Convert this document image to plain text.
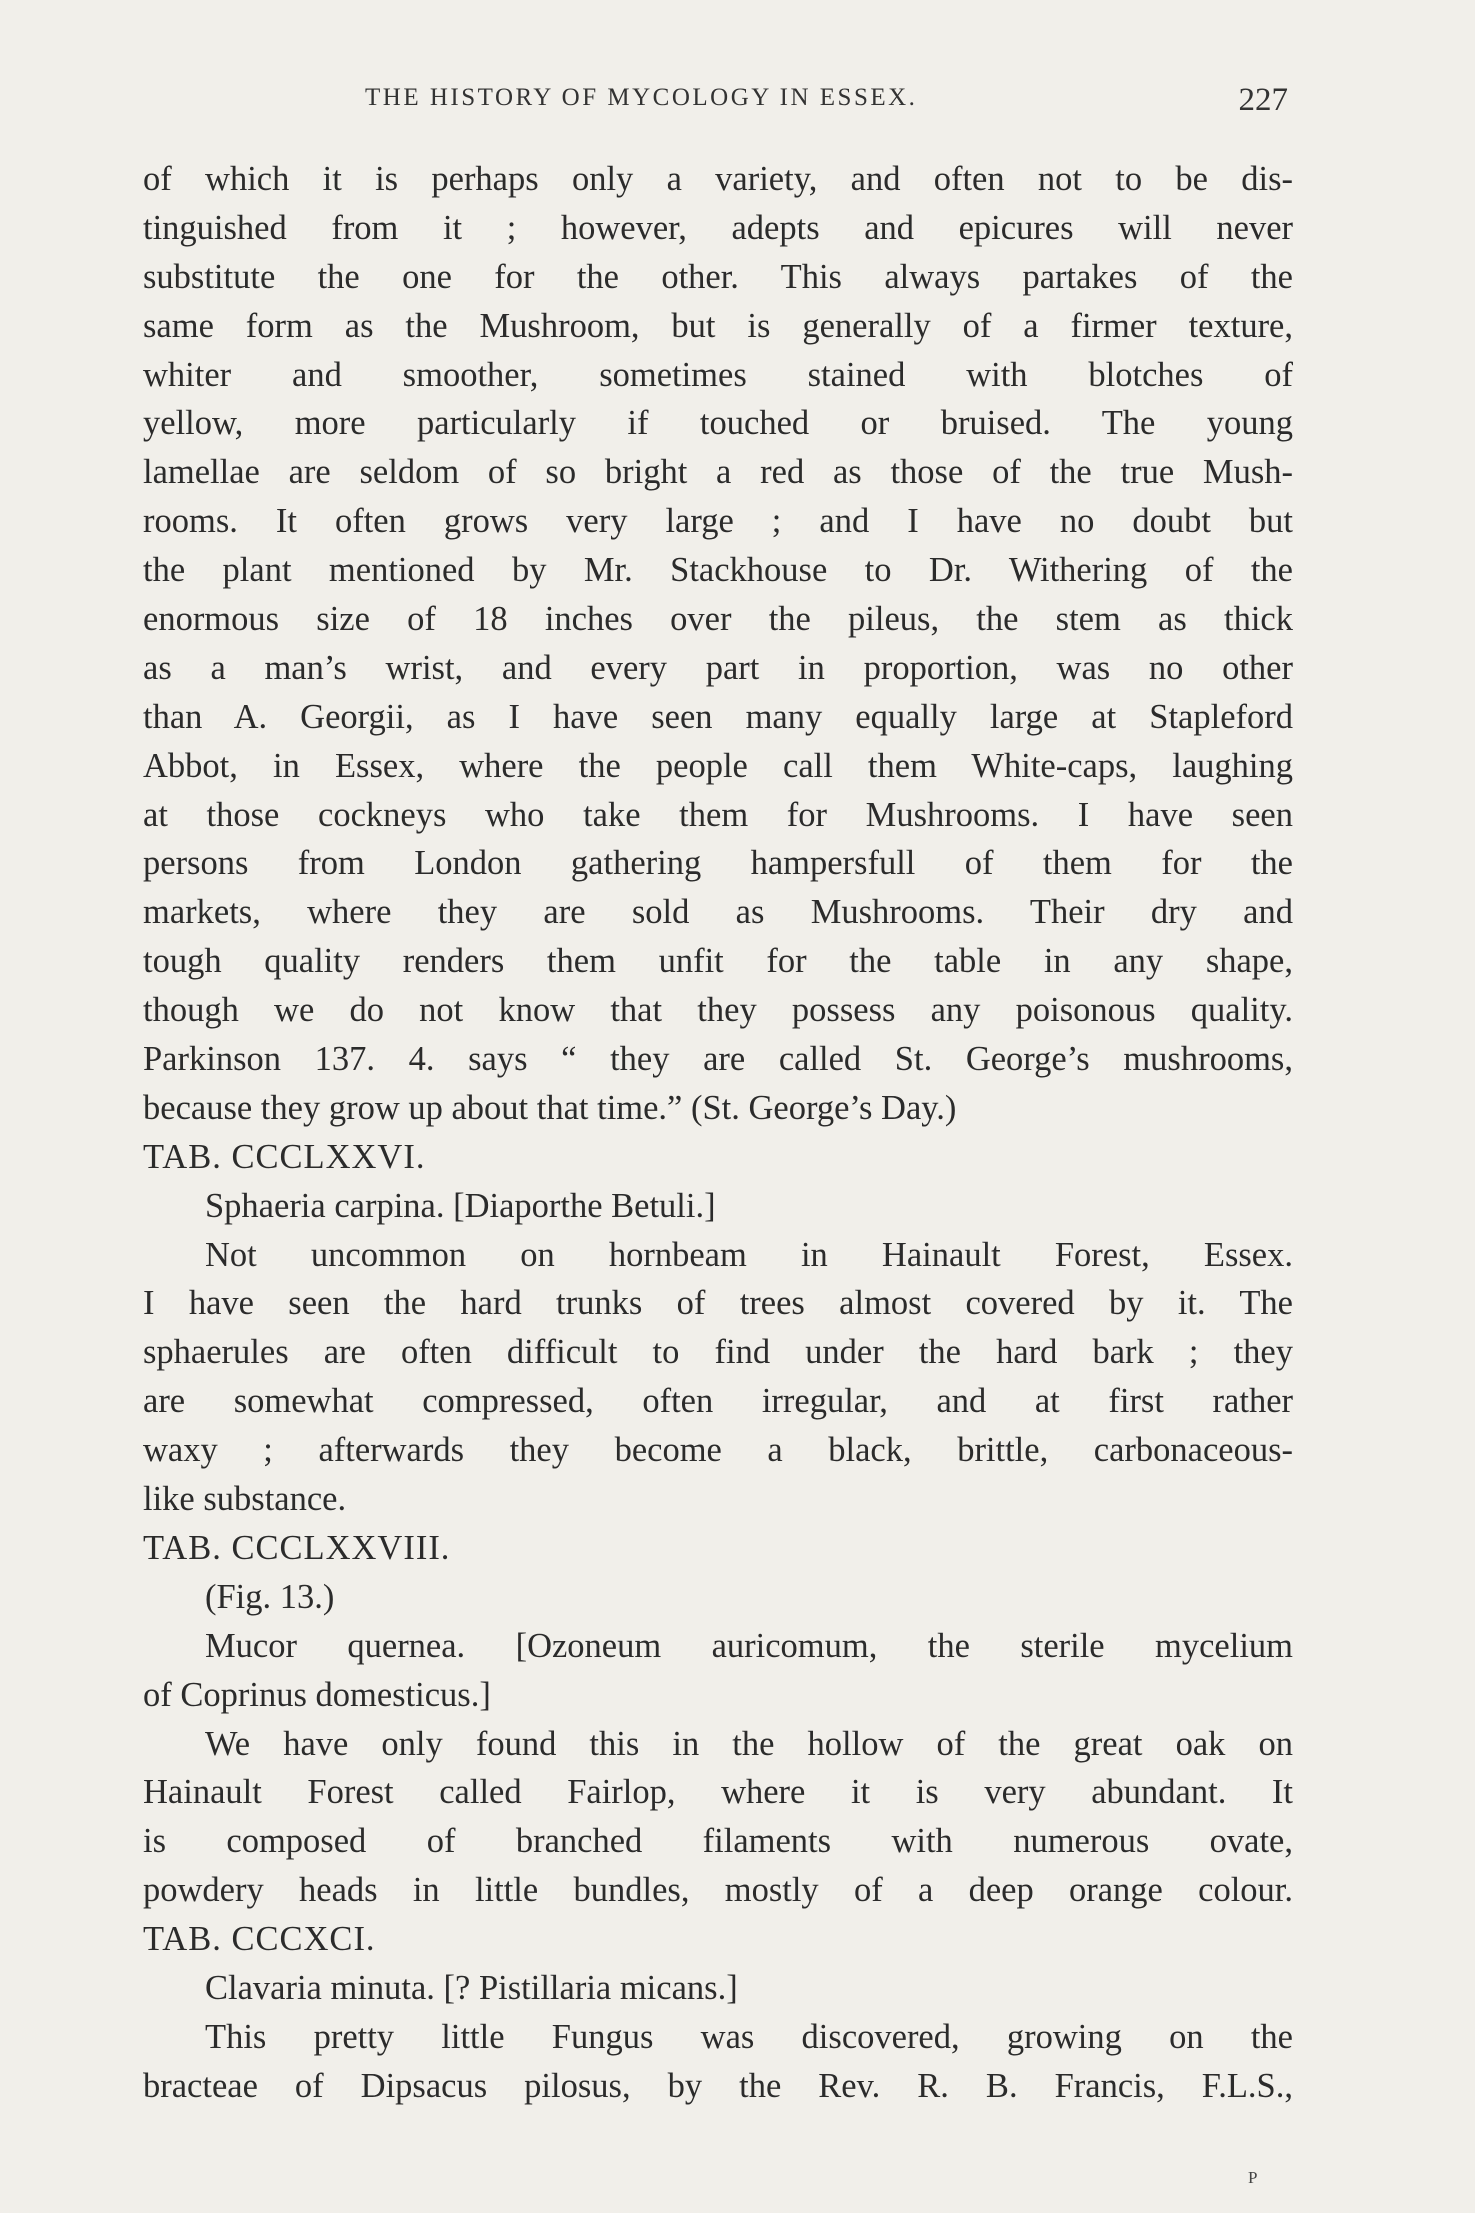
THE HISTORY OF MYCOLOGY IN ESSEX.	227
of which it is perhaps only a variety, and often not to be dis-
tinguished from it ; however, adepts and epicures will never
substitute the one for the other. This always partakes of the
same form as the Mushroom, but is generally of a firmer texture,
whiter and smoother, sometimes stained with blotches of
yellow, more particularly if touched or bruised. The young
lamellae are seldom of so bright a red as those of the true Mush-
rooms. It often grows very large ; and I have no doubt but
the plant mentioned by Mr. Stackhouse to Dr. Withering of the
enormous size of 18 inches over the pileus, the stem as thick
as a man’s wrist, and every part in proportion, was no other
than A. Georgii, as I have seen many equally large at Stapleford
Abbot, in Essex, where the people call them White-caps, laughing
at those cockneys who take them for Mushrooms. I have seen
persons from London gathering hampersfull of them for the
markets, where they are sold as Mushrooms. Their dry and
tough quality renders them unfit for the table in any shape,
though we do not know that they possess any poisonous quality.
Parkinson 137. 4. says “ they are called St. George’s mushrooms,
because they grow up about that time.” (St. George’s Day.)
TAB. CCCLXXVI.
Sphaeria carpina. [Diaporthe Betuli.]
Not uncommon on hornbeam in Hainault Forest, Essex.
I have seen the hard trunks of trees almost covered by it. The
sphaerules are often difficult to find under the hard bark ; they
are somewhat compressed, often irregular, and at first rather
waxy ; afterwards they become a black, brittle, carbonaceous-
like substance.
TAB. CCCLXXVIII.
(Fig. 13.)
Mucor quernea. [Ozoneum auricomum, the sterile mycelium
of Coprinus domesticus.]
We have only found this in the hollow of the great oak on
Hainault Forest called Fairlop, where it is very abundant. It
is composed of branched filaments with numerous ovate,
powdery heads in little bundles, mostly of a deep orange colour.
TAB. CCCXCI.
Clavaria minuta. [? Pistillaria micans.]
This pretty little Fungus was discovered, growing on the
bracteae of Dipsacus pilosus, by the Rev. R. B. Francis, F.L.S.,
P
